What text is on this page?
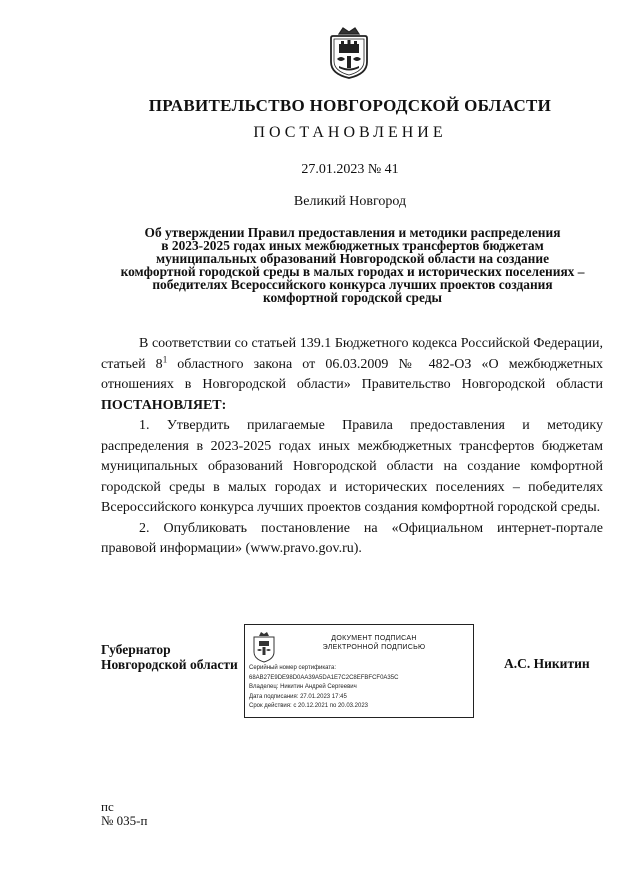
ПРАВИТЕЛЬСТВО НОВГОРОДСКОЙ ОБЛАСТИ
ПОСТАНОВЛЕНИЕ
27.01.2023 № 41
Великий Новгород
Об утверждении Правил предоставления и методики распределения
в 2023-2025 годах иных межбюджетных трансфертов бюджетам
муниципальных образований Новгородской области на создание
комфортной городской среды в малых городах и исторических поселениях –
победителях Всероссийского конкурса лучших проектов создания
комфортной городской среды

В соответствии со статьей 139.1 Бюджетного кодекса Российской Федерации, статьей $8^1$ областного закона от 06.03.2009 № 482-ОЗ «О межбюджетных отношениях в Новгородской области» Правительство Новгородской области ПОСТАНОВЛЯЕТ:

1. Утвердить прилагаемые Правила предоставления и методику распределения в 2023-2025 годах иных межбюджетных трансфертов бюджетам муниципальных образований Новгородской области на создание комфортной городской среды в малых городах и исторических поселениях – победителях Всероссийского конкурса лучших проектов создания комфортной городской среды.

2. Опубликовать постановление на «Официальном интернет-портале правовой информации» (www.pravo.gov.ru).

Губернатор
Новгородской области
ДОКУМЕНТ ПОДПИСАН
ЭЛЕКТРОННОЙ ПОДПИСЬЮ
Серийный номер сертификата:
68AB27E9DE98D0AA39A5DA1E7C2C8EFBFCF0A35C
Владелец: Никитин Андрей Сергеевич
Дата подписания: 27.01.2023 17:45
Срок действия: с 20.12.2021 по 20.03.2023
А.С. Никитин
пс
№ 035-п
